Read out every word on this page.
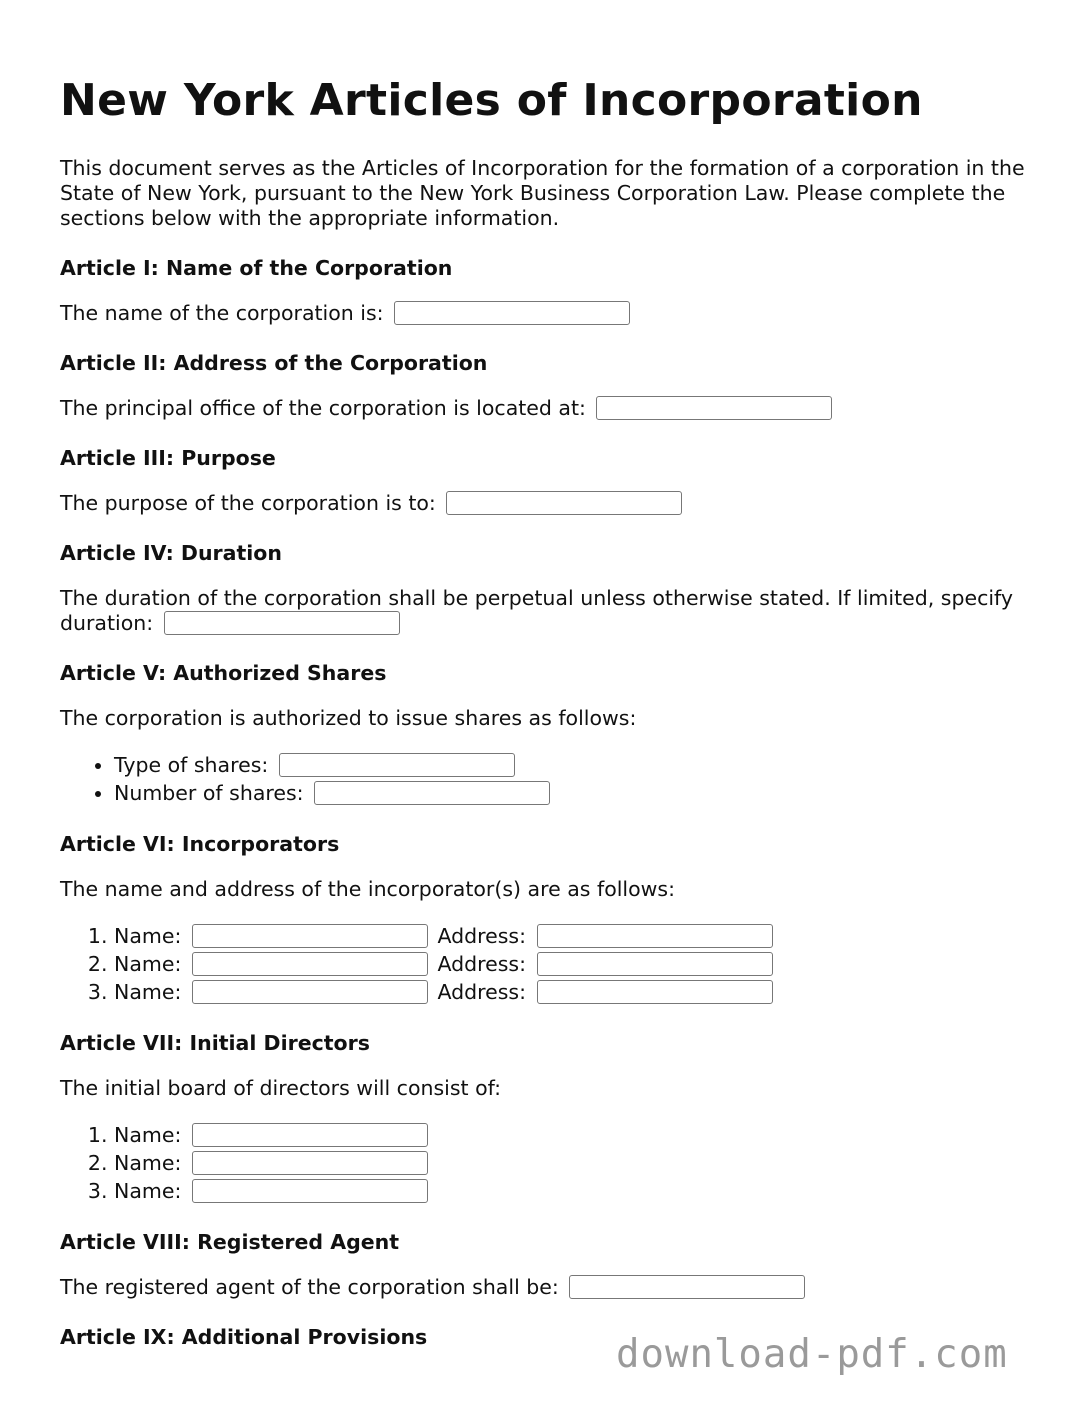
New York Articles of Incorporation

This document serves as the Articles of Incorporation for the formation of a corporation in the State of New York, pursuant to the New York Business Corporation Law. Please complete the sections below with the appropriate information.

Article I: Name of the Corporation

The name of the corporation is:

Article II: Address of the Corporation

The principal office of the corporation is located at:

Article III: Purpose

The purpose of the corporation is to:

Article IV: Duration

The duration of the corporation shall be perpetual unless otherwise stated. If limited, specify duration:

Article V: Authorized Shares

The corporation is authorized to issue shares as follows:

• Type of shares:
• Number of shares:
Article VI: Incorporators

The name and address of the incorporator(s) are as follows:

1. Name:	Address:
2. Name:	Address:
3. Name:	Address:
Article VII: Initial Directors

The initial board of directors will consist of:

1. Name:
2. Name:
3. Name:
Article VIII: Registered Agent

The registered agent of the corporation shall be:

Article IX: Additional Provisions	download-pdf.com
